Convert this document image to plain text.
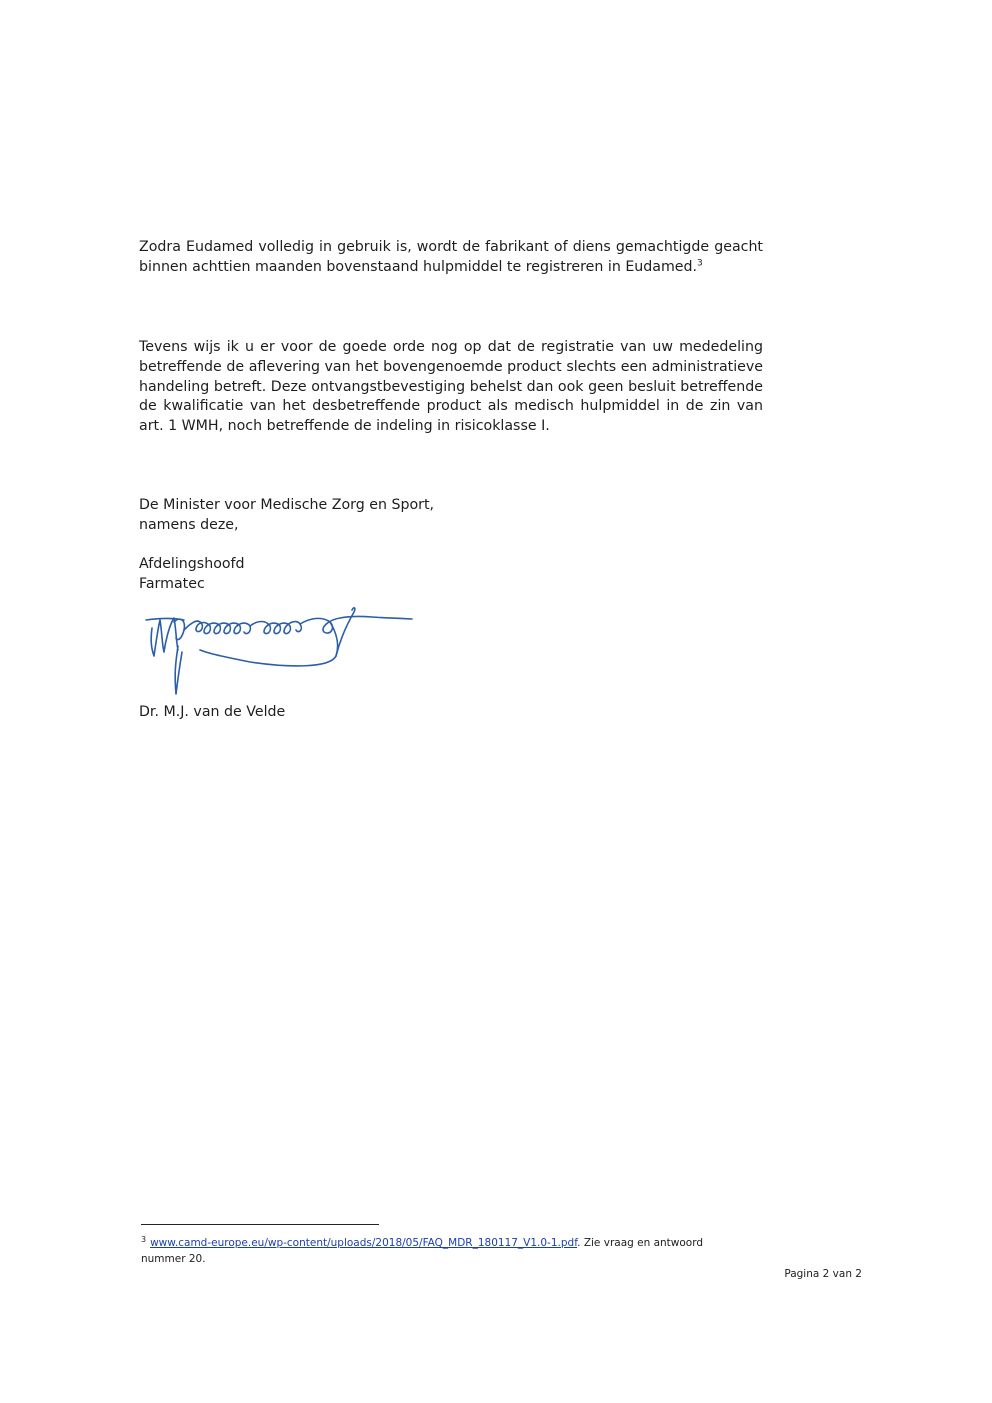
Zodra Eudamed volledig in gebruik is, wordt de fabrikant of diens gemachtigde geacht binnen achttien maanden bovenstaand hulpmiddel te registreren in Eudamed.$^3$

Tevens wijs ik u er voor de goede orde nog op dat de registratie van uw mededeling betreffende de aflevering van het bovengenoemde product slechts een administratieve handeling betreft. Deze ontvangstbevestiging behelst dan ook geen besluit betreffende de kwalificatie van het desbetreffende product als medisch hulpmiddel in de zin van art. 1 WMH, noch betreffende de indeling in risicoklasse I.

De Minister voor Medische Zorg en Sport,
namens deze,
Afdelingshoofd
Farmatec

Dr. M.J. van de Velde

$^3$ www.camd-europe.eu/wp-content/uploads/2018/05/FAQ_MDR_180117_V1.0-1.pdf. Zie vraag en antwoord nummer 20.

Pagina 2 van 2
